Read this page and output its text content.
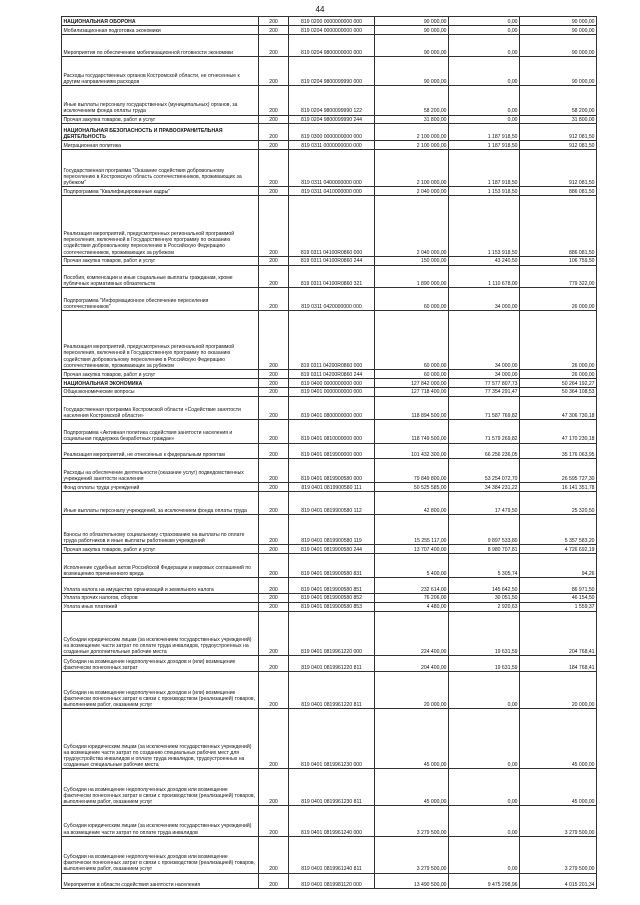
44
НАЦИОНАЛЬНАЯ ОБОРОНА	200	819 0200 0000000000 000	90 000,00	0,00	90 000,00
Мобилизационная подготовка экономики	200	819 0204 0000000000 000	90 000,00	0,00	90 000,00
Мероприятия по обеспечению мобилизационной готовности экономики	200	819 0204 9800000000 000	90 000,00	0,00	90 000,00
Расходы государственных органов Костромской области, не отнесенные к другим направлениям расходов	200	819 0204 9800099990 000	90 000,00	0,00	90 000,00
Иные выплаты персоналу государственных (муниципальных) органов, за исключением фонда оплаты труда	200	819 0204 9800099990 122	58 200,00	0,00	58 200,00
Прочая закупка товаров, работ и услуг	200	819 0204 9800099990 244	31 800,00	0,00	31 800,00
НАЦИОНАЛЬНАЯ БЕЗОПАСНОСТЬ И ПРАВООХРАНИТЕЛЬНАЯ ДЕЯТЕЛЬНОСТЬ	200	819 0300 0000000000 000	2 100 000,00	1 187 918,50	912 081,50
Миграционная политика	200	819 0311 0000000000 000	2 100 000,00	1 187 918,50	912 081,50
Государственная программа "Оказание содействия добровольному переселению в Костромскую область соотечественников, проживающих за рубежом"	200	819 0311 0400000000 000	2 100 000,00	1 187 918,50	912 081,50
Подпрограмма "Квалифицированные кадры"	200	819 0311 0410000000 000	2 040 000,00	1 153 918,50	886 081,50
Реализация мероприятий, предусмотренных региональной программой переселения, включенной в Государственную программу по оказанию содействия добровольному переселению в Российскую Федерацию соотечественников, проживающих за рубежом	200	819 0311 04100R0860 000	2 040 000,00	1 153 918,50	886 081,50
Прочая закупка товаров, работ и услуг	200	819 0311 04100R0860 244	150 000,00	43 240,50	106 759,50
Пособия, компенсации и иные социальные выплаты гражданам, кроме публичных нормативных обязательств	200	819 0311 04100R0860 321	1 890 000,00	1 110 678,00	779 322,00
Подпрограмма "Информационное обеспечение переселения соотечественников"	200	819 0311 0420000000 000	60 000,00	34 000,00	26 000,00
Реализация мероприятий, предусмотренных региональной программой переселения, включенной в Государственную программу по оказанию содействия добровольному переселению в Российскую Федерацию соотечественников, проживающих за рубежом	200	819 0311 04200R0860 000	60 000,00	34 000,00	26 000,00
Прочая закупка товаров, работ и услуг	200	819 0311 04200R0860 244	60 000,00	34 000,00	26 000,00
НАЦИОНАЛЬНАЯ ЭКОНОМИКА	200	819 0400 0000000000 000	127 842 000,00	77 577 807,73	50 264 192,27
Общеэкономические вопросы	200	819 0401 0000000000 000	127 718 400,00	77 354 291,47	50 364 108,53
Государственная программа Костромской области «Содействие занятости населения Костромской области»	200	819 0401 0800000000 000	118 894 500,00	71 587 769,82	47 306 730,18
Подпрограмма «Активная политика содействия занятости населения и социальная поддержка безработных граждан»	200	819 0401 0810000000 000	118 749 500,00	71 579 269,82	47 170 230,18
Реализация мероприятий, не отнесенных к федеральным проектам	200	819 0401 0819900000 000	101 432 300,00	66 256 236,05	35 176 063,95
Расходы на обеспечение деятельности (оказание услуг) подведомственных учреждений занятости населения	200	819 0401 0819900580 000	79 849 800,00	53 254 072,70	26 595 727,30
Фонд оплаты труда учреждений	200	819 0401 0819900580 111	50 525 585,00	34 384 231,22	16 141 351,78
Иные выплаты персоналу учреждений, за исключением фонда оплаты труда	200	819 0401 0819900580 112	42 800,00	17 479,50	25 320,50
Взносы по обязательному социальному страхованию на выплаты по оплате труда работников и иные выплаты работникам учреждений	200	819 0401 0819900580 119	15 255 117,00	9 897 533,80	5 357 583,20
Прочая закупка товаров, работ и услуг	200	819 0401 0819900580 244	13 707 400,00	8 980 707,81	4 726 692,19
Исполнение судебных актов Российской Федерации и мировых соглашений по возмещению причиненного вреда	200	819 0401 0819900580 831	5 400,00	5 305,74	94,26
Уплата налога на имущество организаций и земельного налога	200	819 0401 0819900580 851	232 614,00	145 642,50	86 971,50
Уплата прочих налогов, сборов	200	819 0401 0819900580 852	76 206,00	30 051,50	46 154,50
Уплата иных платежей	200	819 0401 0819900580 853	4 480,00	2 920,63	1 559,37
Субсидии юридическим лицам (за исключением государственных учреждений) на возмещение части затрат по оплате труда инвалидов, трудоустроенных на созданные дополнительные рабочие места	200	819 0401 0819961220 000	224 400,00	19 631,59	204 768,41
Субсидии на возмещение недополученных доходов и (или) возмещение фактически понесенных затрат	200	819 0401 0819961220 811	204 400,00	19 631,59	184 768,41
Субсидии на возмещение недополученных доходов и (или) возмещение фактически понесенных затрат в связи с производством (реализацией) товаров, выполнением работ, оказанием услуг	200	819 0401 0819961220 811	20 000,00	0,00	20 000,00
Субсидии юридическим лицам (за исключением государственных учреждений) на возмещение части затрат по созданию специальных рабочих мест для трудоустройства инвалидов и оплате труда инвалидов, трудоустроенных на созданные специальные рабочие места	200	819 0401 0819961230 000	45 000,00	0,00	45 000,00
Субсидии на возмещение недополученных доходов или возмещение фактически понесенных затрат в связи с производством (реализацией) товаров, выполнением работ, оказанием услуг	200	819 0401 0819961230 811	45 000,00	0,00	45 000,00
Субсидии юридическим лицам (за исключением государственных учреждений) на возмещение части затрат по оплате труда инвалидов	200	819 0401 0819961240 000	3 279 500,00	0,00	3 279 500,00
Субсидии на возмещение недополученных доходов или возмещение фактически понесенных затрат в связи с производством (реализацией) товаров, выполнением работ, оказанием услуг	200	819 0401 0819961240 811	3 279 500,00	0,00	3 279 500,00
Мероприятия в области содействия занятости населения	200	819 0401 0819981120 000	13 490 500,00	9 475 298,96	4 015 201,34
